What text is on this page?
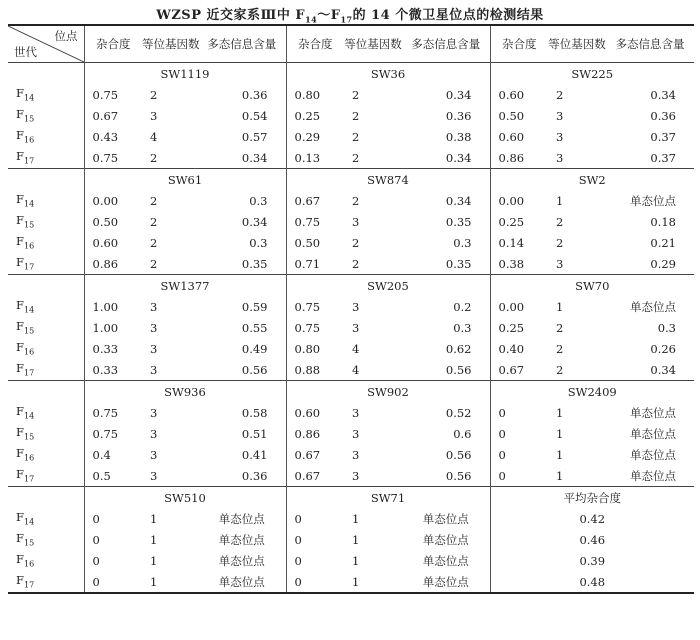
WZSP 近交家系Ⅲ中 $F_{14}\sim F_{17}$的 14 个微卫星位点的检测结果
位点
世代	杂合度	等位基因数	多态信息含量	杂合度	等位基因数	多态信息含量	杂合度	等位基因数	多态信息含量
	SW1119			SW36			SW225		
$F_{14}$	0.75	2	0.36	0.80	2	0.34	0.60	2	0.34
$F_{15}$	0.67	3	0.54	0.25	2	0.36	0.50	3	0.36
$F_{16}$	0.43	4	0.57	0.29	2	0.38	0.60	3	0.37
$F_{17}$	0.75	2	0.34	0.13	2	0.34	0.86	3	0.37
	SW61			SW874			SW2		
$F_{14}$	0.00	2	0.3	0.67	2	0.34	0.00	1	单态位点
$F_{15}$	0.50	2	0.34	0.75	3	0.35	0.25	2	0.18
$F_{16}$	0.60	2	0.3	0.50	2	0.3	0.14	2	0.21
$F_{17}$	0.86	2	0.35	0.71	2	0.35	0.38	3	0.29
	SW1377			SW205			SW70		
$F_{14}$	1.00	3	0.59	0.75	3	0.2	0.00	1	单态位点
$F_{15}$	1.00	3	0.55	0.75	3	0.3	0.25	2	0.3
$F_{16}$	0.33	3	0.49	0.80	4	0.62	0.40	2	0.26
$F_{17}$	0.33	3	0.56	0.88	4	0.56	0.67	2	0.34
	SW936			SW902			SW2409		
$F_{14}$	0.75	3	0.58	0.60	3	0.52	0	1	单态位点
$F_{15}$	0.75	3	0.51	0.86	3	0.6	0	1	单态位点
$F_{16}$	0.4	3	0.41	0.67	3	0.56	0	1	单态位点
$F_{17}$	0.5	3	0.36	0.67	3	0.56	0	1	单态位点
	SW510			SW71			平均杂合度		
$F_{14}$	0	1	单态位点	0	1	单态位点	0.42		
$F_{15}$	0	1	单态位点	0	1	单态位点	0.46		
$F_{16}$	0	1	单态位点	0	1	单态位点	0.39		
$F_{17}$	0	1	单态位点	0	1	单态位点	0.48		
